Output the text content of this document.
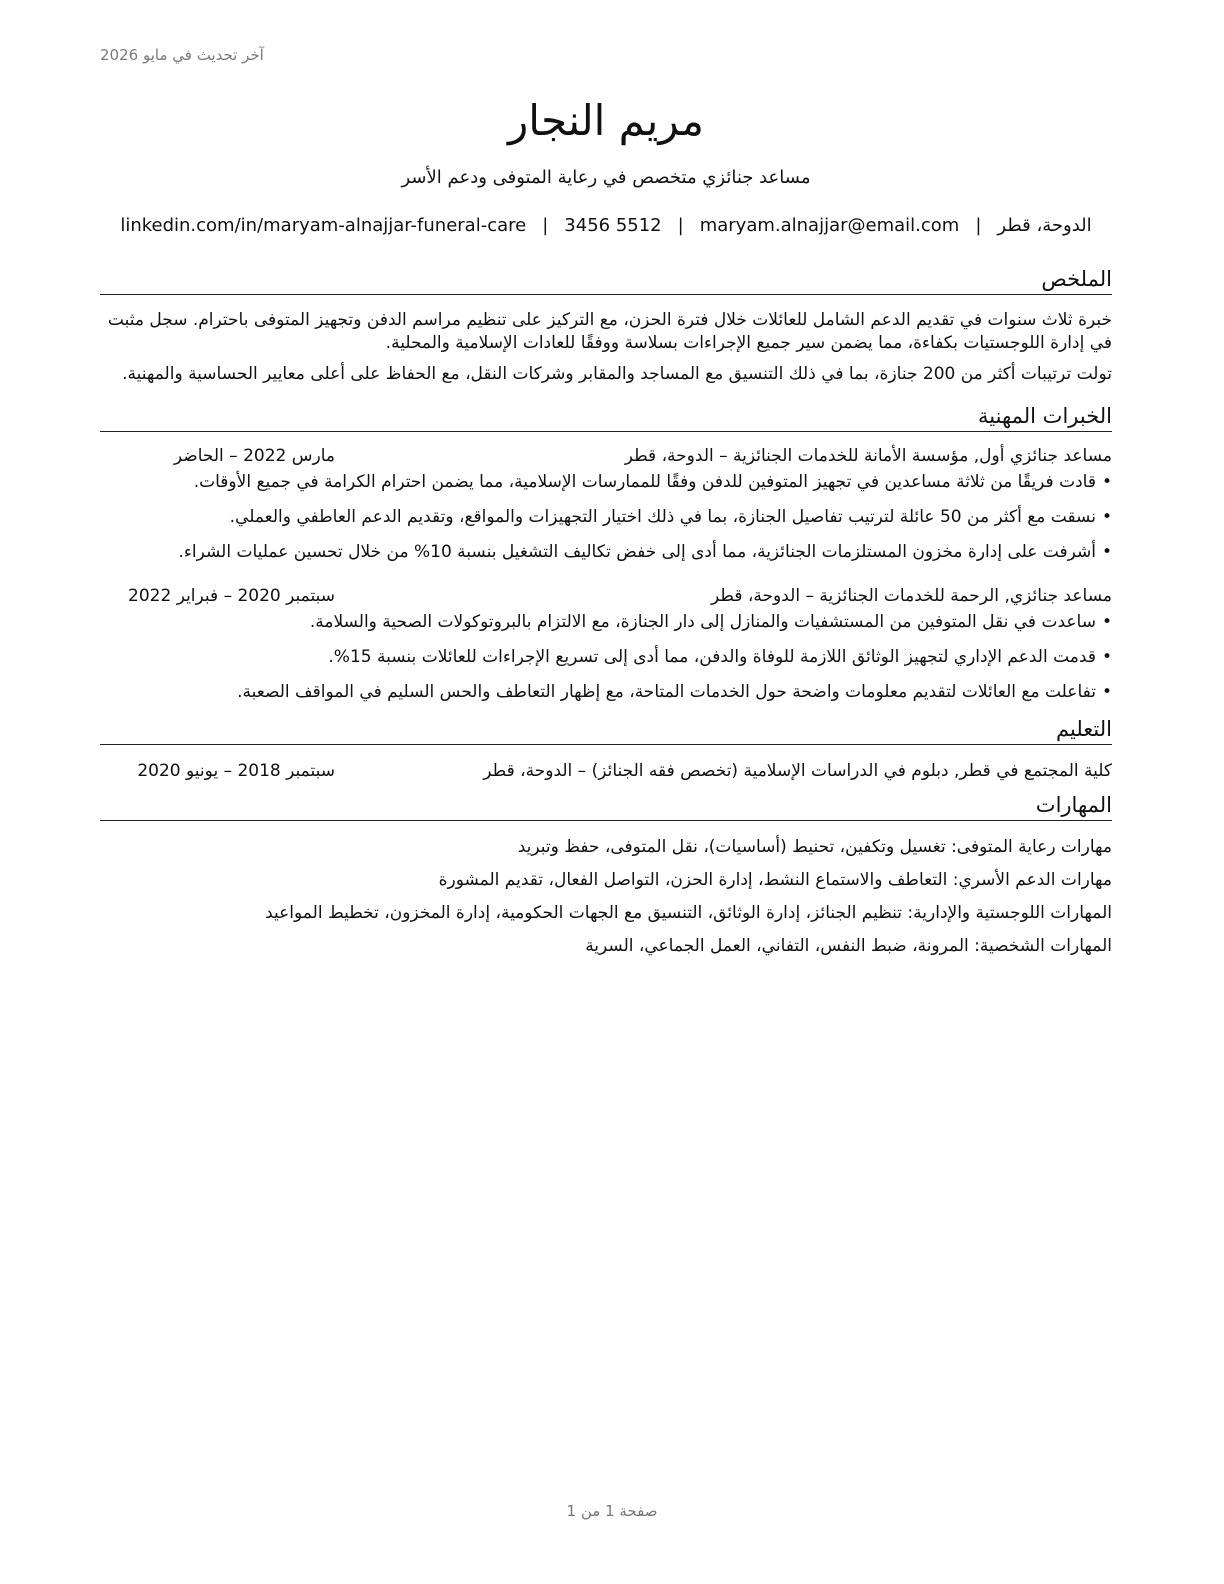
آخر تحديث في مايو 2026
مريم النجار
مساعد جنائزي متخصص في رعاية المتوفى ودعم الأسر
الدوحة، قطر
|
maryam.alnajjar@email.com
|
3456 5512
|
linkedin.com/in/maryam-alnajjar-funeral-care
الملخص

خبرة ثلاث سنوات في تقديم الدعم الشامل للعائلات خلال فترة الحزن، مع التركيز على تنظيم مراسم الدفن وتجهيز المتوفى باحترام. سجل مثبت في إدارة اللوجستيات بكفاءة، مما يضمن سير جميع الإجراءات بسلاسة ووفقًا للعادات الإسلامية والمحلية.

تولت ترتيبات أكثر من 200 جنازة، بما في ذلك التنسيق مع المساجد والمقابر وشركات النقل، مع الحفاظ على أعلى معايير الحساسية والمهنية.

الخبرات المهنية
مساعد جنائزي أول, مؤسسة الأمانة للخدمات الجنائزية – الدوحة، قطر
مارس 2022 – الحاضر
•قادت فريقًا من ثلاثة مساعدين في تجهيز المتوفين للدفن وفقًا للممارسات الإسلامية، مما يضمن احترام الكرامة في جميع الأوقات.
•نسقت مع أكثر من 50 عائلة لترتيب تفاصيل الجنازة، بما في ذلك اختيار التجهيزات والمواقع، وتقديم الدعم العاطفي والعملي.
•أشرفت على إدارة مخزون المستلزمات الجنائزية، مما أدى إلى خفض تكاليف التشغيل بنسبة 10% من خلال تحسين عمليات الشراء.
مساعد جنائزي, الرحمة للخدمات الجنائزية – الدوحة، قطر
سبتمبر 2020 – فبراير 2022
•ساعدت في نقل المتوفين من المستشفيات والمنازل إلى دار الجنازة، مع الالتزام بالبروتوكولات الصحية والسلامة.
•قدمت الدعم الإداري لتجهيز الوثائق اللازمة للوفاة والدفن، مما أدى إلى تسريع الإجراءات للعائلات بنسبة 15%.
•تفاعلت مع العائلات لتقديم معلومات واضحة حول الخدمات المتاحة، مع إظهار التعاطف والحس السليم في المواقف الصعبة.
التعليم
كلية المجتمع في قطر, دبلوم في الدراسات الإسلامية (تخصص فقه الجنائز) – الدوحة، قطر
سبتمبر 2018 – يونيو 2020
المهارات

مهارات رعاية المتوفى: تغسيل وتكفين، تحنيط (أساسيات)، نقل المتوفى، حفظ وتبريد

مهارات الدعم الأسري: التعاطف والاستماع النشط، إدارة الحزن، التواصل الفعال، تقديم المشورة

المهارات اللوجستية والإدارية: تنظيم الجنائز، إدارة الوثائق، التنسيق مع الجهات الحكومية، إدارة المخزون، تخطيط المواعيد

المهارات الشخصية: المرونة، ضبط النفس، التفاني، العمل الجماعي، السرية

صفحة 1 من 1
